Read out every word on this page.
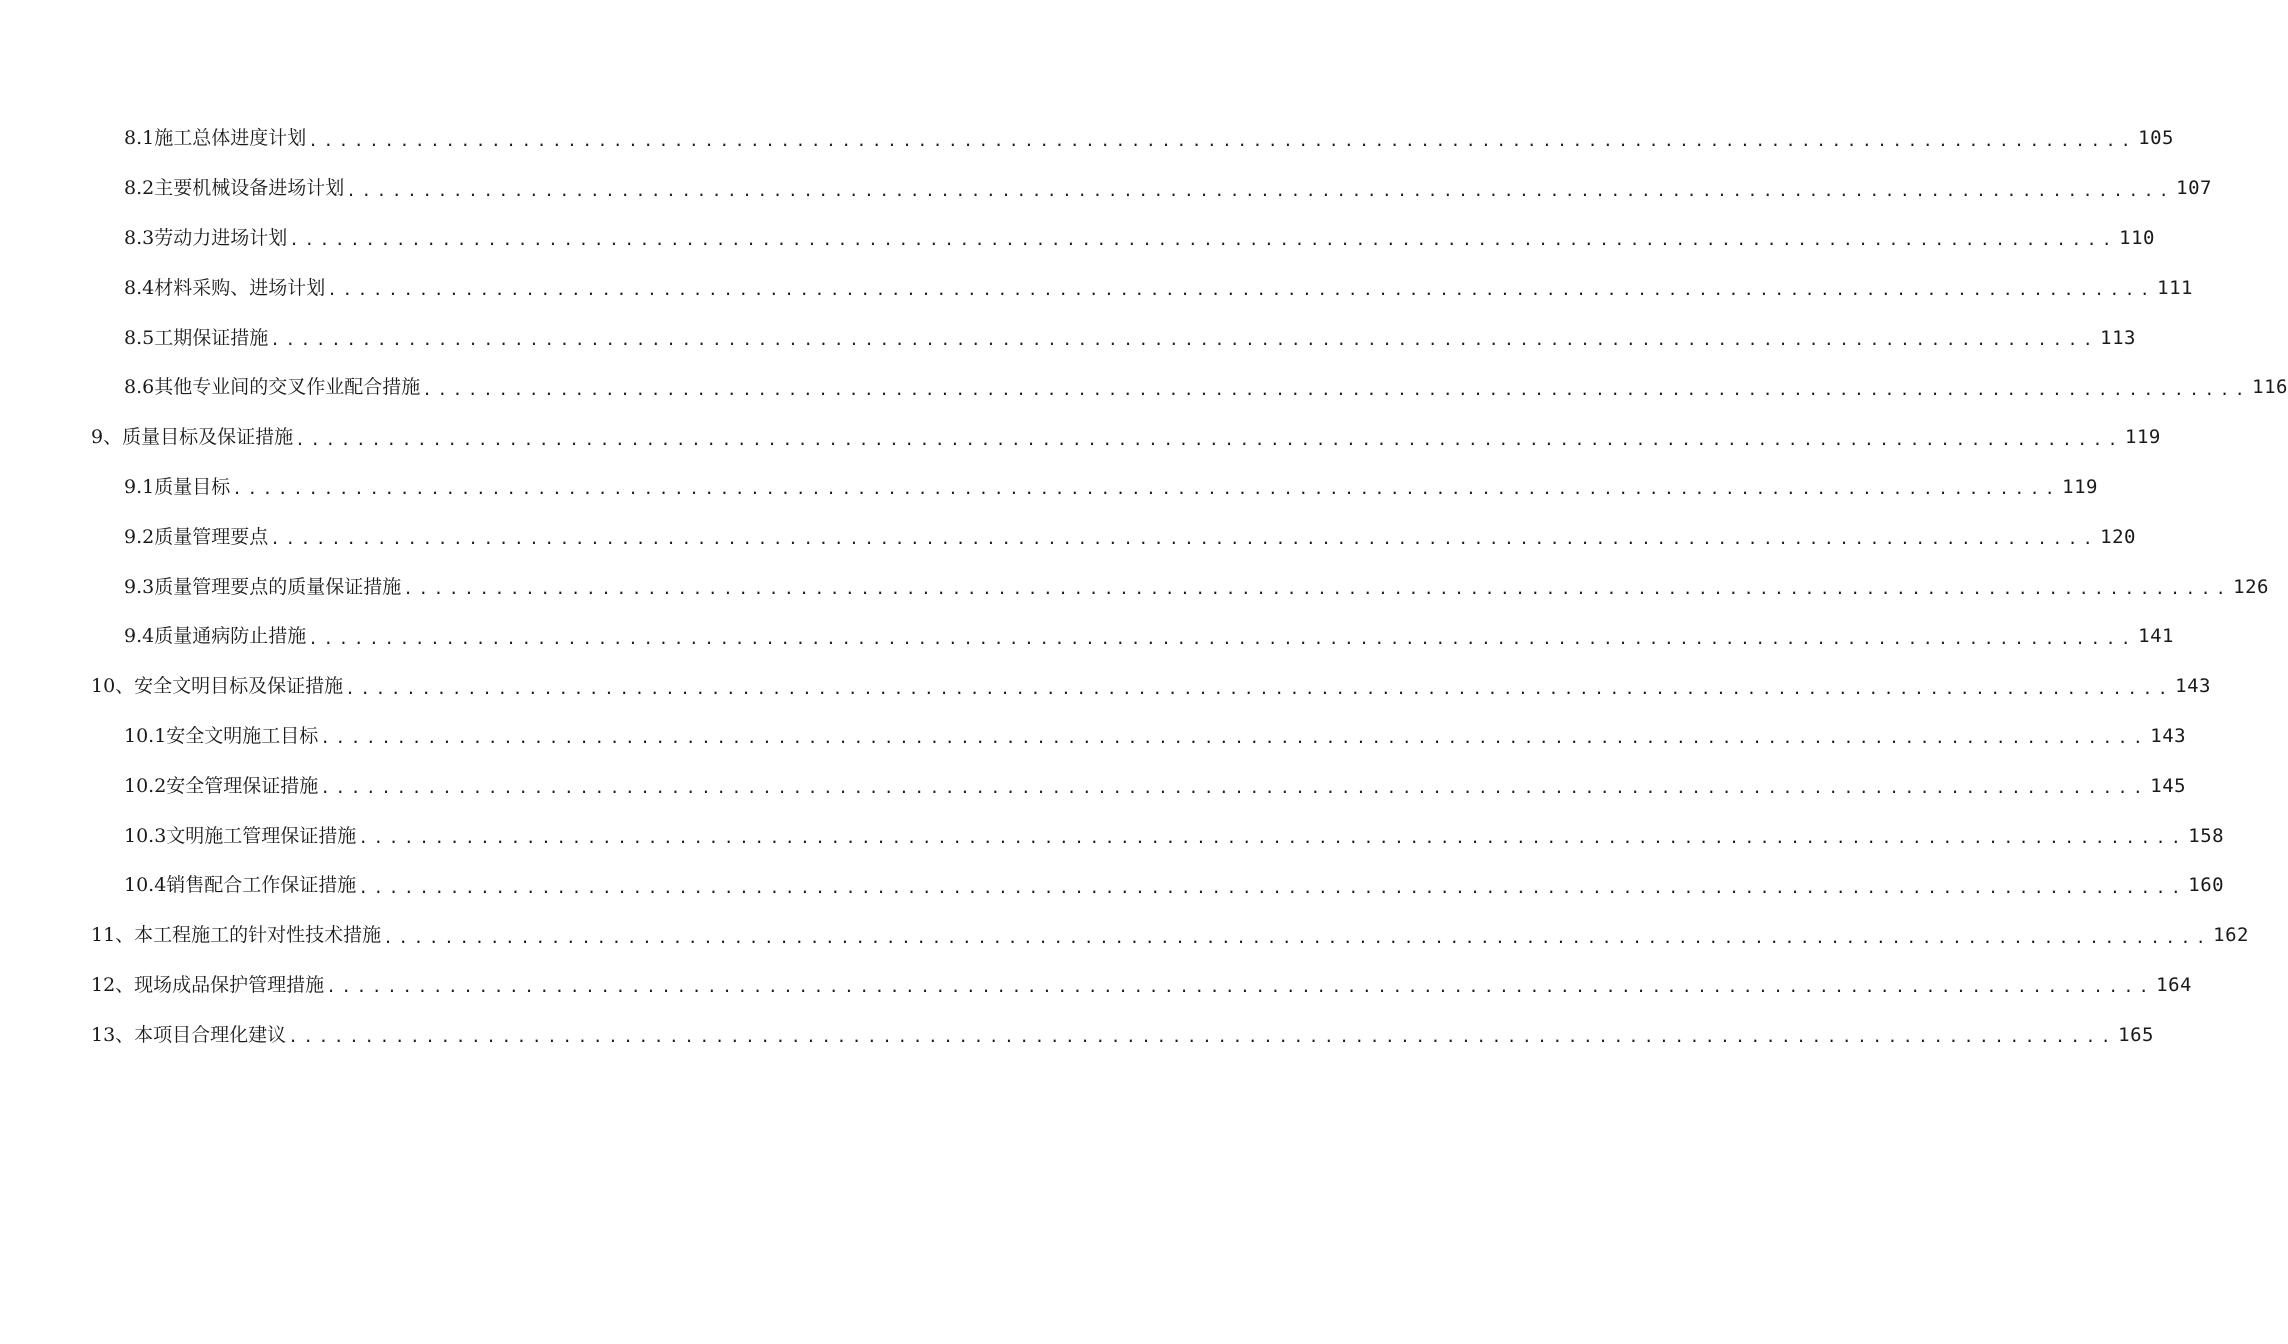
8.1施工总体进度计划 ........................................................................................................................ 105
8.2主要机械设备进场计划 ........................................................................................................................ 107
8.3劳动力进场计划 ........................................................................................................................ 110
8.4材料采购、进场计划 ........................................................................................................................ 111
8.5工期保证措施 ........................................................................................................................ 113
8.6其他专业间的交叉作业配合措施 ........................................................................................................................ 116
9、质量目标及保证措施 ........................................................................................................................ 119
9.1质量目标 ........................................................................................................................ 119
9.2质量管理要点 ........................................................................................................................ 120
9.3质量管理要点的质量保证措施 ........................................................................................................................ 126
9.4质量通病防止措施 ........................................................................................................................ 141
10、安全文明目标及保证措施 ........................................................................................................................ 143
10.1安全文明施工目标 ........................................................................................................................ 143
10.2安全管理保证措施 ........................................................................................................................ 145
10.3文明施工管理保证措施 ........................................................................................................................ 158
10.4销售配合工作保证措施 ........................................................................................................................ 160
11、本工程施工的针对性技术措施 ........................................................................................................................ 162
12、现场成品保护管理措施 ........................................................................................................................ 164
13、本项目合理化建议 ........................................................................................................................ 165
